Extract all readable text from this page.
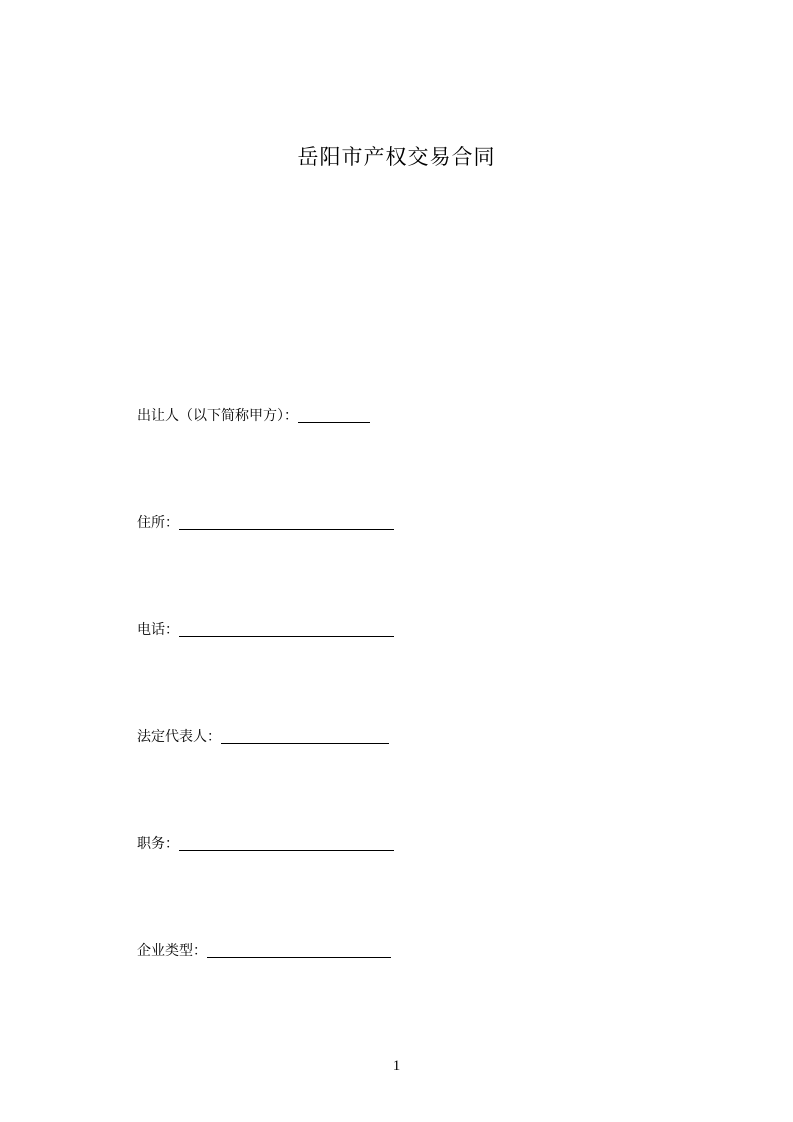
岳阳市产权交易合同
出让人（以下简称甲方）：
住所：
电话：
法定代表人：
职务：
企业类型：
1
